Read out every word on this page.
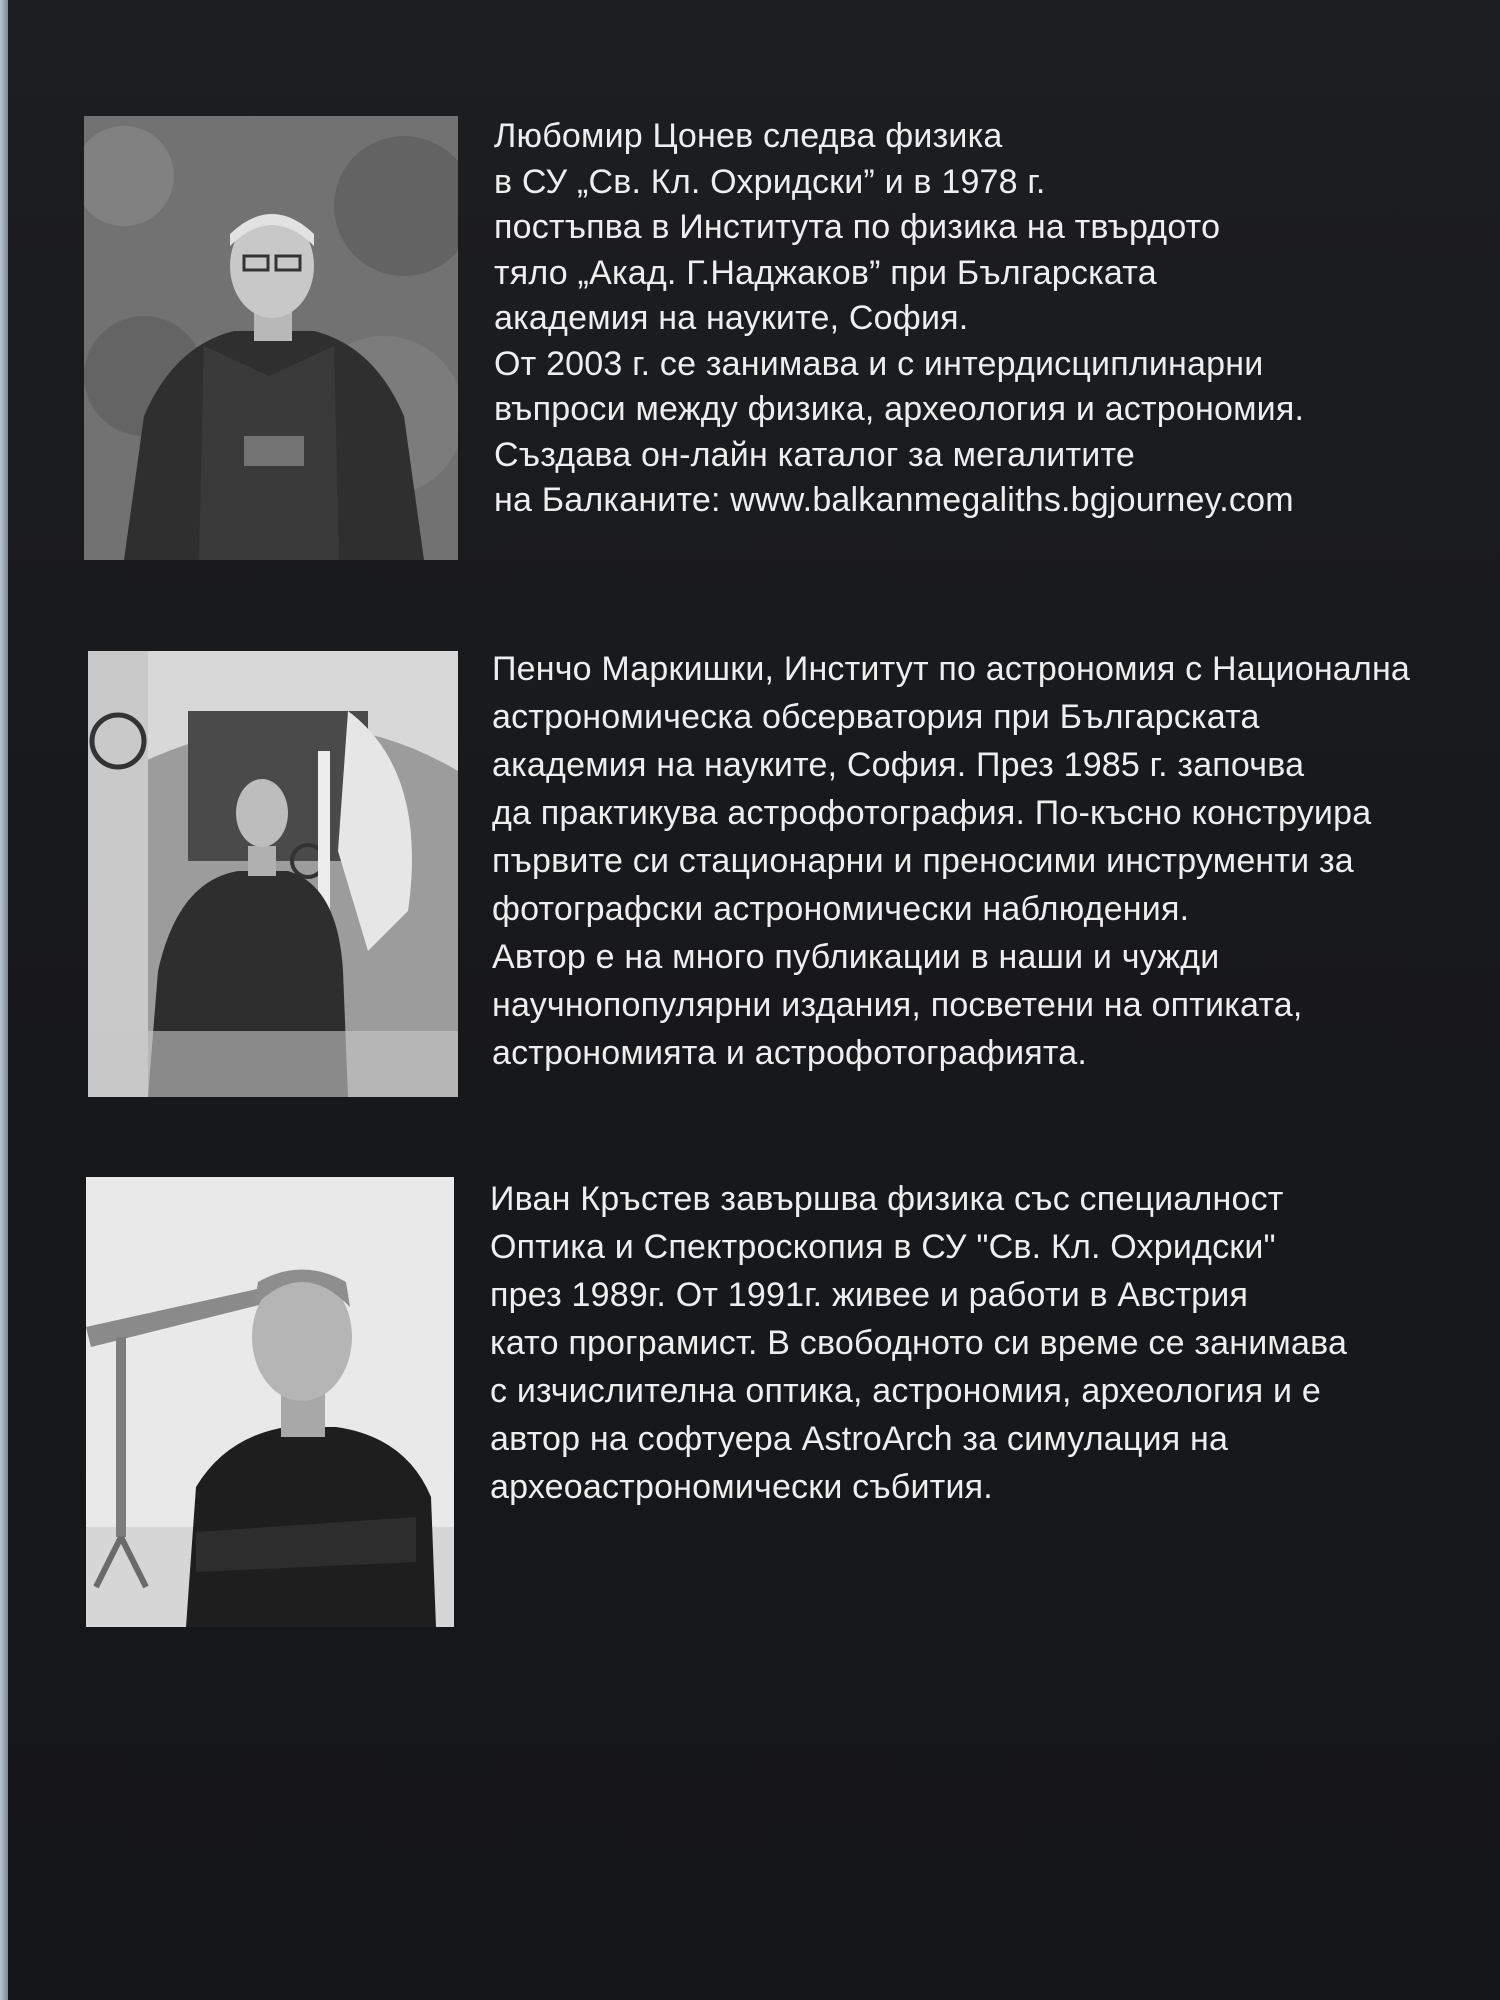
Любомир Цонев следва физика
в СУ „Св. Кл. Охридски” и в 1978 г.
постъпва в Института по физика на твърдото
тяло „Акад. Г.Наджаков” при Българската
академия на науките, София.
От 2003 г. се занимава и с интердисциплинарни
въпроси между физика, археология и астрономия.
Създава он-лайн каталог за мегалитите
на Балканите: www.balkanmegaliths.bgjourney.com
Пенчо Маркишки, Институт по астрономия с Национална
астрономическа обсерватория при Българската
академия на науките, София. През 1985 г. започва
да практикува астрофотография. По-късно конструира
първите си стационарни и преносими инструменти за
фотографски астрономически наблюдения.
Автор е на много публикации в наши и чужди
научнопопулярни издания, посветени на оптиката,
астрономията и астрофотографията.
Иван Кръстев завършва физика със специалност
Оптика и Спектроскопия в СУ "Св. Кл. Охридски"
през 1989г. От 1991г. живее и работи в Австрия
като програмист. В свободното си време се занимава
с изчислителна оптика, астрономия, археология и е
автор на софтуера AstroArch за симулация на
археоастрономически събития.
